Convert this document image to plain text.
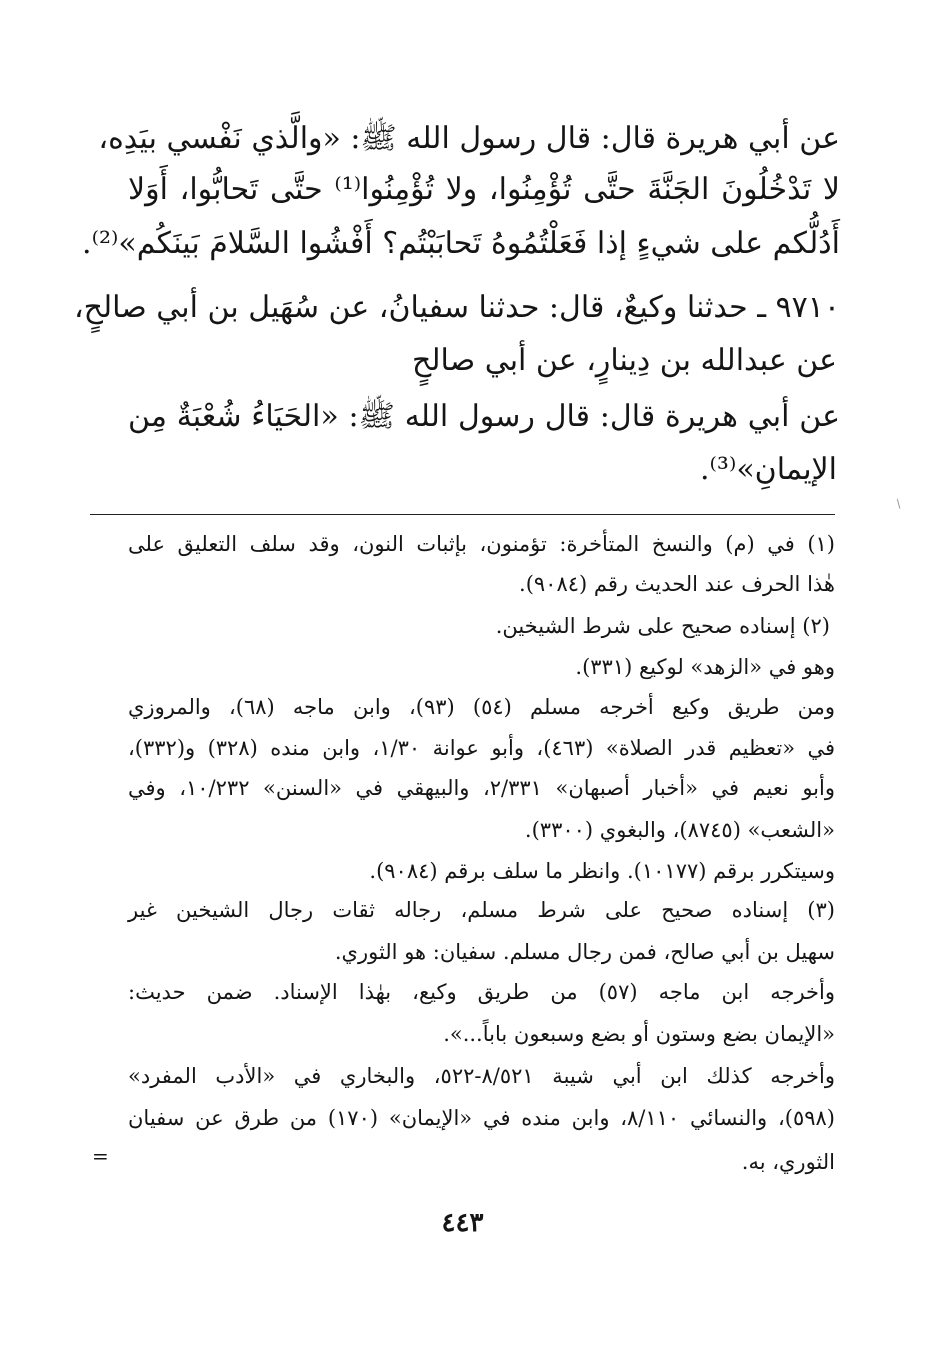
عن أبي هريرة قال: قال رسول الله ﷺ: «والَّذي نَفْسي بيَدِه،

لا تَدْخُلُونَ الجَنَّةَ حتَّى تُؤْمِنُوا، ولا تُؤْمِنُوا⁽¹⁾ حتَّى تَحابُّوا، أَوَلا

أَدُلُّكم على شيءٍ إذا فَعَلْتُمُوهُ تَحابَبْتُم؟ أَفْشُوا السَّلامَ بَينَكُم»⁽²⁾.

٩٧١٠ ـ حدثنا وكيعٌ، قال: حدثنا سفيانُ، عن سُهَيل بن أبي صالحٍ،

عن عبدالله بن دِينارٍ، عن أبي صالحٍ

عن أبي هريرة قال: قال رسول الله ﷺ: «الحَيَاءُ شُعْبَةٌ مِن

الإيمانِ»⁽³⁾.

(١) في (م) والنسخ المتأخرة: تؤمنون، بإثبات النون، وقد سلف التعليق على

هٰذا الحرف عند الحديث رقم (٩٠٨٤).

(٢) إسناده صحيح على شرط الشيخين.

وهو في «الزهد» لوكيع (٣٣١).

ومن طريق وكيع أخرجه مسلم (٥٤) (٩٣)، وابن ماجه (٦٨)، والمروزي

في «تعظيم قدر الصلاة» (٤٦٣)، وأبو عوانة ١/٣٠، وابن منده (٣٢٨) و(٣٣٢)،

وأبو نعيم في «أخبار أصبهان» ٢/٣٣١، والبيهقي في «السنن» ١٠/٢٣٢، وفي

«الشعب» (٨٧٤٥)، والبغوي (٣٣٠٠).

وسيتكرر برقم (١٠١٧٧). وانظر ما سلف برقم (٩٠٨٤).

(٣) إسناده صحيح على شرط مسلم، رجاله ثقات رجال الشيخين غير

سهيل بن أبي صالح، فمن رجال مسلم. سفيان: هو الثوري.

وأخرجه ابن ماجه (٥٧) من طريق وكيع، بهٰذا الإسناد. ضمن حديث:

«الإيمان بضع وستون أو بضع وسبعون باباً...».

وأخرجه كذلك ابن أبي شيبة ٨/٥٢١-٥٢٢، والبخاري في «الأدب المفرد»

(٥٩٨)، والنسائي ٨/١١٠، وابن منده في «الإيمان» (١٧٠) من طرق عن سفيان

الثوري، به.

=
٤٤٣
